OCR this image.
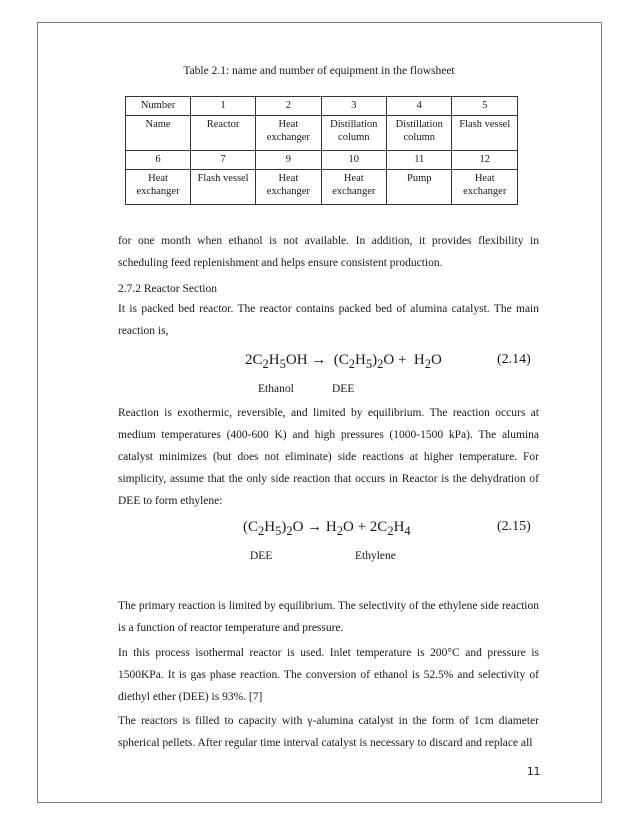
Table 2.1: name and number of equipment in the flowsheet

Number	1	2	3	4	5
Name	Reactor	Heat exchanger	Distillation column	Distillation column	Flash vessel
6	7	9	10	11	12
Heat exchanger	Flash vessel	Heat exchanger	Heat exchanger	Pump	Heat exchanger

for one month when ethanol is not available. In addition, it provides flexibility in scheduling feed replenishment and helps ensure consistent production.

2.7.2 Reactor Section

It is packed bed reactor. The reactor contains packed bed of alumina catalyst. The main reaction is,

$2C_2H_5OH \to (C_2H_5)_2O + H_2O$	(2.14)
Ethanol	DEE

Reaction is exothermic, reversible, and limited by equilibrium. The reaction occurs at medium temperatures (400-600 K) and high pressures (1000-1500 kPa). The alumina catalyst minimizes (but does not eliminate) side reactions at higher temperature. For simplicity, assume that the only side reaction that occurs in Reactor is the dehydration of DEE to form ethylene:

$(C_2H_5)_2O \to H_2O + 2C_2H_4$	(2.15)
DEE	Ethylene

The primary reaction is limited by equilibrium. The selectivity of the ethylene side reaction is a function of reactor temperature and pressure.

In this process isothermal reactor is used. Inlet temperature is 200°C and pressure is 1500KPa. It is gas phase reaction. The conversion of ethanol is 52.5% and selectivity of diethyl ether (DEE) is 93%. [7]

The reactors is filled to capacity with γ-alumina catalyst in the form of 1cm diameter spherical pellets. After regular time interval catalyst is necessary to discard and replace all

11
